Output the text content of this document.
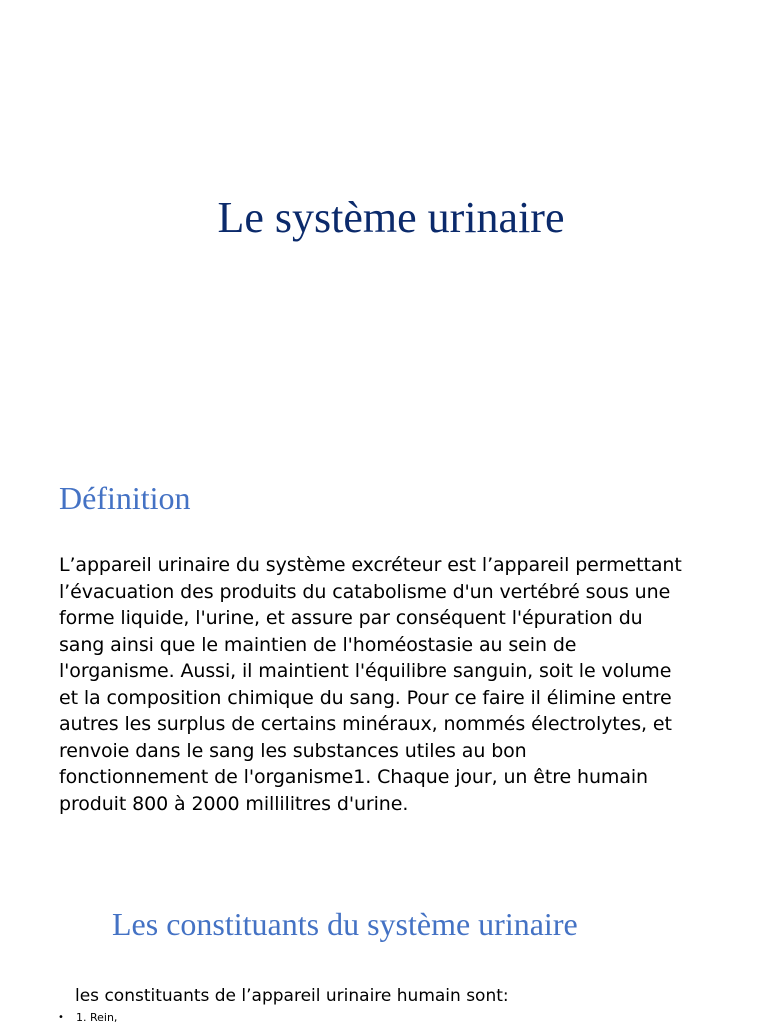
Le système urinaire
Définition

L’appareil urinaire du système excréteur est l’appareil permettant
l’évacuation des produits du catabolisme d'un vertébré sous une
forme liquide, l'urine, et assure par conséquent l'épuration du
sang ainsi que le maintien de l'homéostasie au sein de
l'organisme. Aussi, il maintient l'équilibre sanguin, soit le volume
et la composition chimique du sang. Pour ce faire il élimine entre
autres les surplus de certains minéraux, nommés électrolytes, et
renvoie dans le sang les substances utiles au bon
fonctionnement de l'organisme1. Chaque jour, un être humain
produit 800 à 2000 millilitres d'urine.

Les constituants du système urinaire

les constituants de l’appareil urinaire humain sont:

•	1. Rein,
